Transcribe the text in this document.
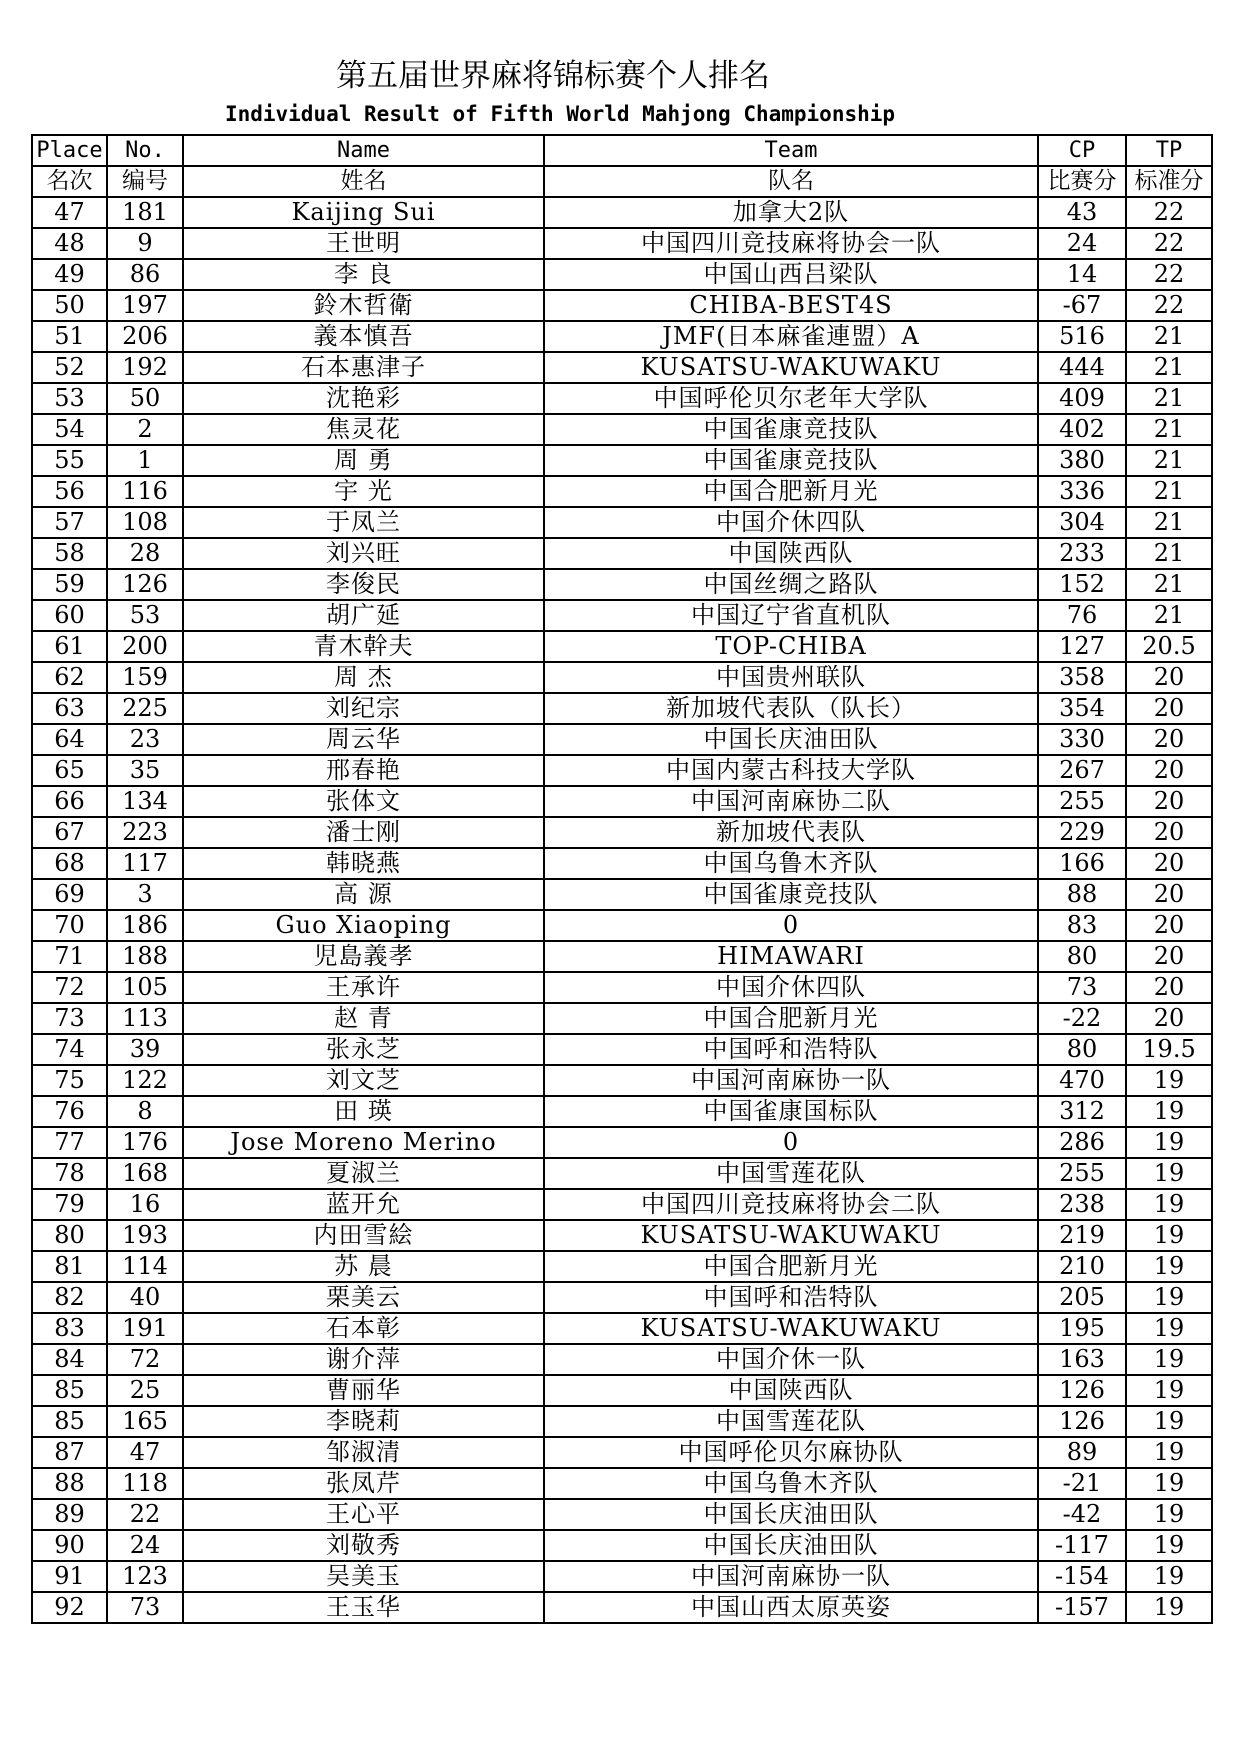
第五届世界麻将锦标赛个人排名
Individual Result of Fifth World Mahjong Championship
Place	No.	Name	Team	CP	TP
名次	编号	姓名	队名	比赛分	标准分
47	181	Kaijing Sui	加拿大2队	43	22
48	9	王世明	中国四川竞技麻将协会一队	24	22
49	86	李 良	中国山西吕梁队	14	22
50	197	鈴木哲衛	CHIBA-BEST4S	-67	22
51	206	義本慎吾	JMF(日本麻雀連盟）A	516	21
52	192	石本惠津子	KUSATSU-WAKUWAKU	444	21
53	50	沈艳彩	中国呼伦贝尔老年大学队	409	21
54	2	焦灵花	中国雀康竞技队	402	21
55	1	周 勇	中国雀康竞技队	380	21
56	116	宇 光	中国合肥新月光	336	21
57	108	于凤兰	中国介休四队	304	21
58	28	刘兴旺	中国陕西队	233	21
59	126	李俊民	中国丝绸之路队	152	21
60	53	胡广延	中国辽宁省直机队	76	21
61	200	青木幹夫	TOP-CHIBA	127	20.5
62	159	周 杰	中国贵州联队	358	20
63	225	刘纪宗	新加坡代表队（队长）	354	20
64	23	周云华	中国长庆油田队	330	20
65	35	邢春艳	中国内蒙古科技大学队	267	20
66	134	张体文	中国河南麻协二队	255	20
67	223	潘士刚	新加坡代表队	229	20
68	117	韩晓燕	中国乌鲁木齐队	166	20
69	3	高 源	中国雀康竞技队	88	20
70	186	Guo Xiaoping	0	83	20
71	188	児島義孝	HIMAWARI	80	20
72	105	王承许	中国介休四队	73	20
73	113	赵 青	中国合肥新月光	-22	20
74	39	张永芝	中国呼和浩特队	80	19.5
75	122	刘文芝	中国河南麻协一队	470	19
76	8	田 瑛	中国雀康国标队	312	19
77	176	Jose Moreno Merino	0	286	19
78	168	夏淑兰	中国雪莲花队	255	19
79	16	蓝开允	中国四川竞技麻将协会二队	238	19
80	193	内田雪絵	KUSATSU-WAKUWAKU	219	19
81	114	苏 晨	中国合肥新月光	210	19
82	40	栗美云	中国呼和浩特队	205	19
83	191	石本彰	KUSATSU-WAKUWAKU	195	19
84	72	谢介萍	中国介休一队	163	19
85	25	曹丽华	中国陕西队	126	19
85	165	李晓莉	中国雪莲花队	126	19
87	47	邹淑清	中国呼伦贝尔麻协队	89	19
88	118	张凤芹	中国乌鲁木齐队	-21	19
89	22	王心平	中国长庆油田队	-42	19
90	24	刘敬秀	中国长庆油田队	-117	19
91	123	吴美玉	中国河南麻协一队	-154	19
92	73	王玉华	中国山西太原英姿	-157	19
